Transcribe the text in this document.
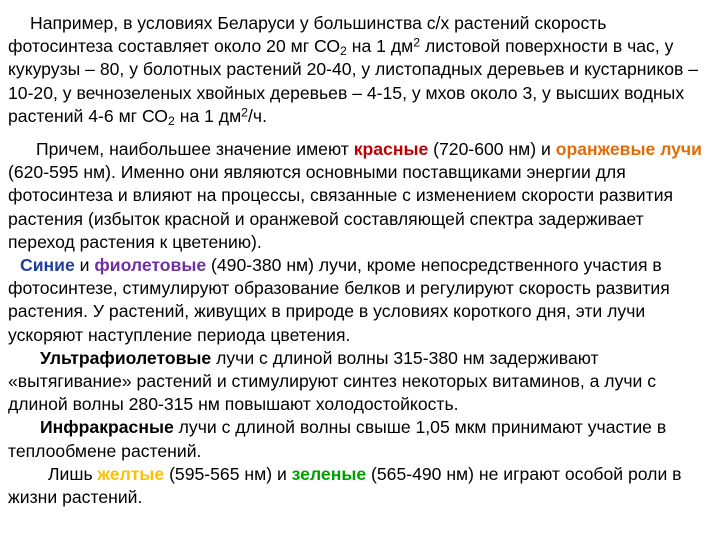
Например, в условиях Беларуси у большинства с/х растений скорость фотосинтеза составляет около 20 мг $СО_2$ на 1 $дм^2$ листовой поверхности в час, у кукурузы – 80, у болотных растений 20-40, у листопадных деревьев и кустарников – 10-20, у вечнозеленых хвойных деревьев – 4-15, у мхов около 3, у высших водных растений 4-6 мг $СО_2$ на 1 $дм^2/ч$.

Причем, наибольшее значение имеют красные (720-600 нм) и оранжевые лучи (620-595 нм). Именно они являются основными поставщиками энергии для фотосинтеза и влияют на процессы, связанные с изменением скорости развития растения (избыток красной и оранжевой составляющей спектра задерживает переход растения к цветению).

Синие и фиолетовые (490-380 нм) лучи, кроме непосредственного участия в фотосинтезе, стимулируют образование белков и регулируют скорость развития растения. У растений, живущих в природе в условиях короткого дня, эти лучи ускоряют наступление периода цветения.

Ультрафиолетовые лучи с длиной волны 315-380 нм задерживают «вытягивание» растений и стимулируют синтез некоторых витаминов, а лучи с длиной волны 280-315 нм повышают холодостойкость.

Инфракрасные лучи с длиной волны свыше 1,05 мкм принимают участие в теплообмене растений.

Лишь желтые (595-565 нм) и зеленые (565-490 нм) не играют особой роли в жизни растений.
